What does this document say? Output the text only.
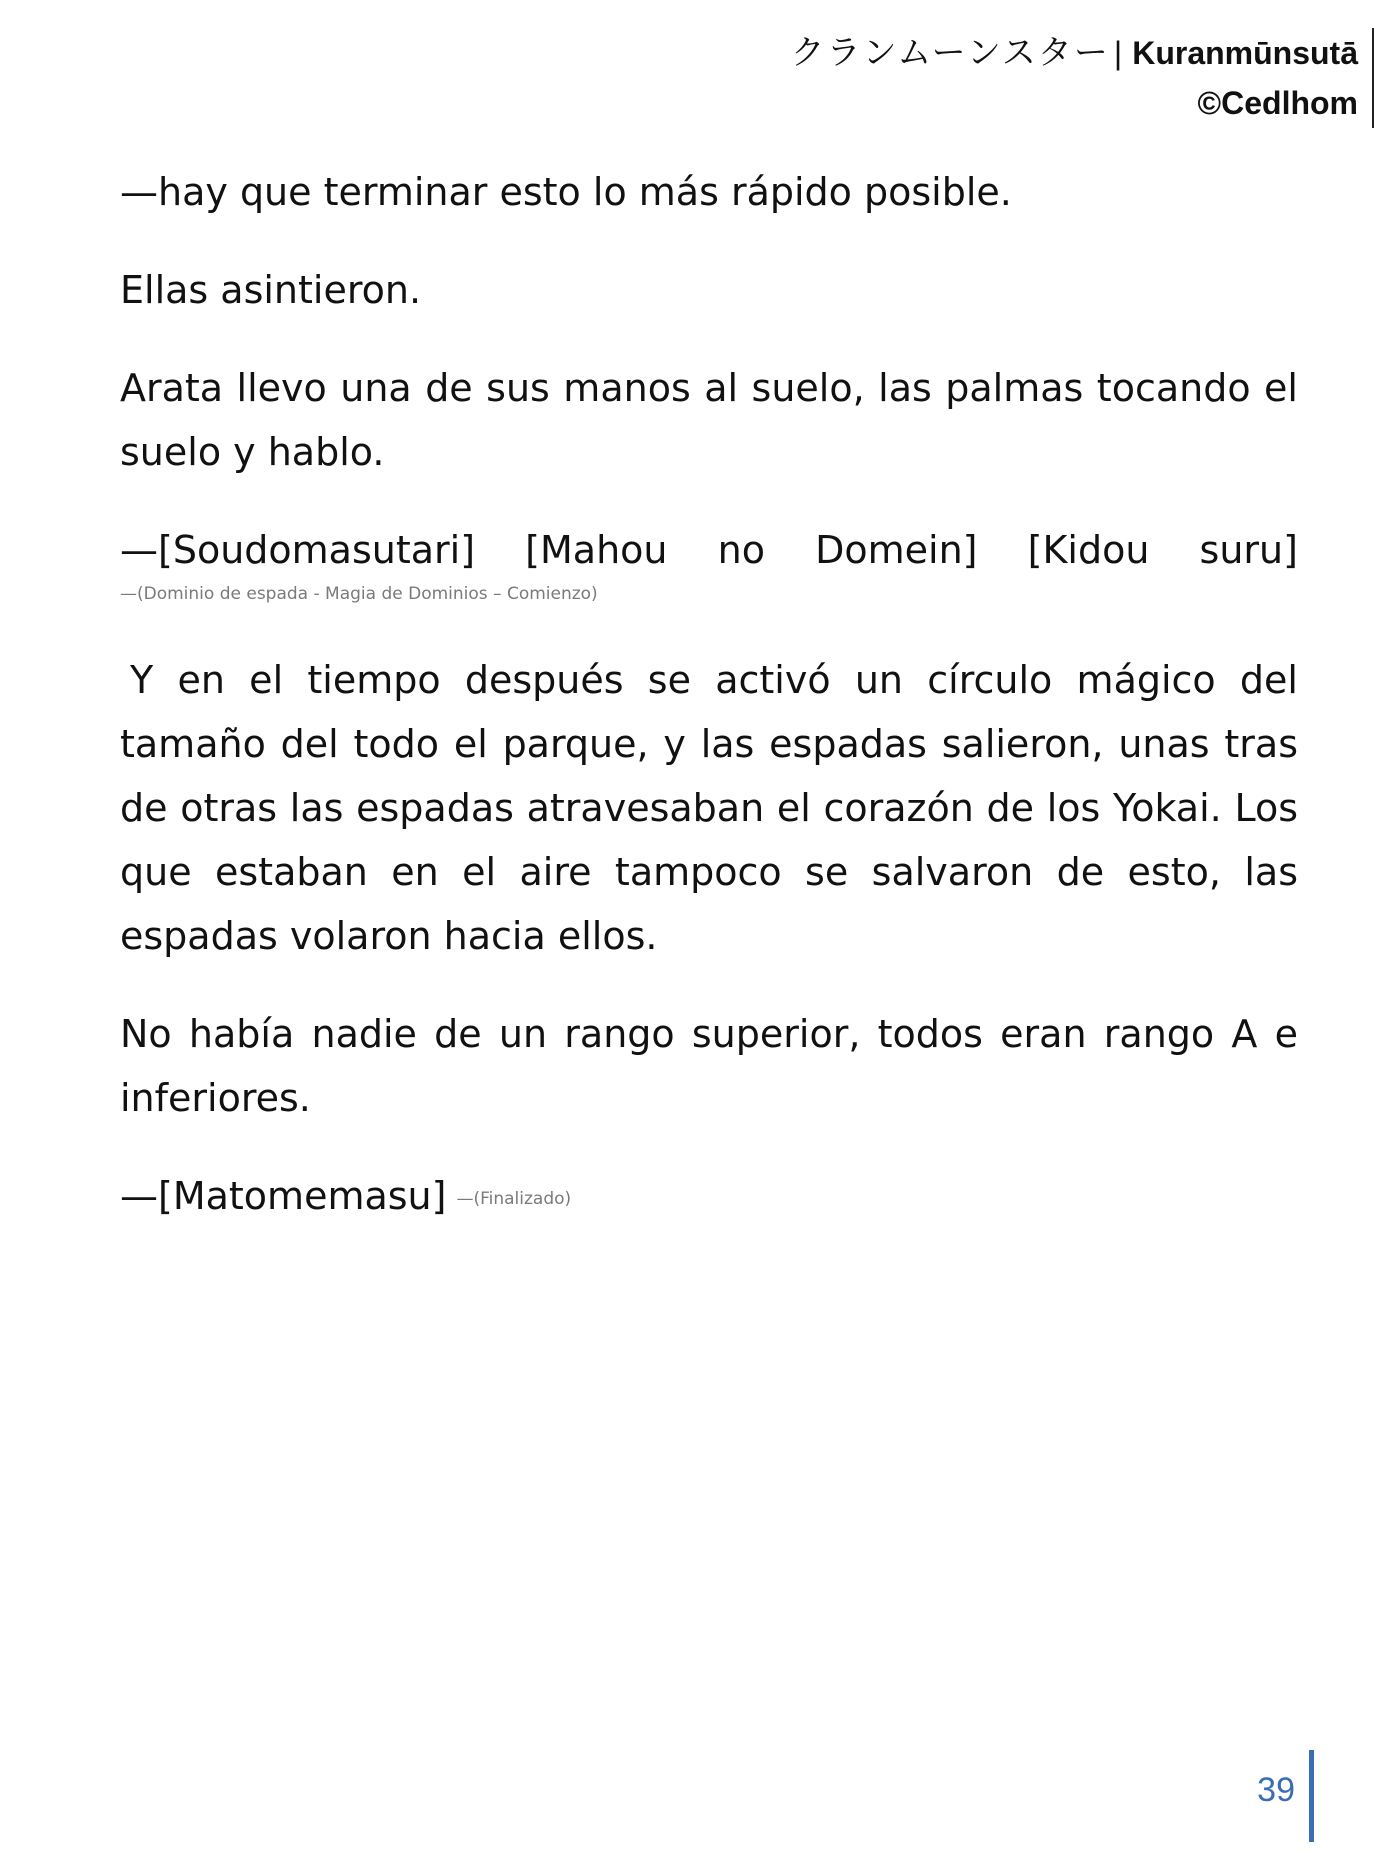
クランムーンスター | Kuranmūnsutā
©Cedlhom

—hay que terminar esto lo más rápido posible.

Ellas asintieron.

Arata llevo una de sus manos al suelo, las palmas tocando el suelo y hablo.

—[Soudomasutari] [Mahou no Domein] [Kidou suru]
—(Dominio de espada - Magia de Dominios – Comienzo)

Y en el tiempo después se activó un círculo mágico del tamaño del todo el parque, y las espadas salieron, unas tras de otras las espadas atravesaban el corazón de los Yokai. Los que estaban en el aire tampoco se salvaron de esto, las espadas volaron hacia ellos.

No había nadie de un rango superior, todos eran rango A e inferiores.

—[Matomemasu] —(Finalizado)

39
